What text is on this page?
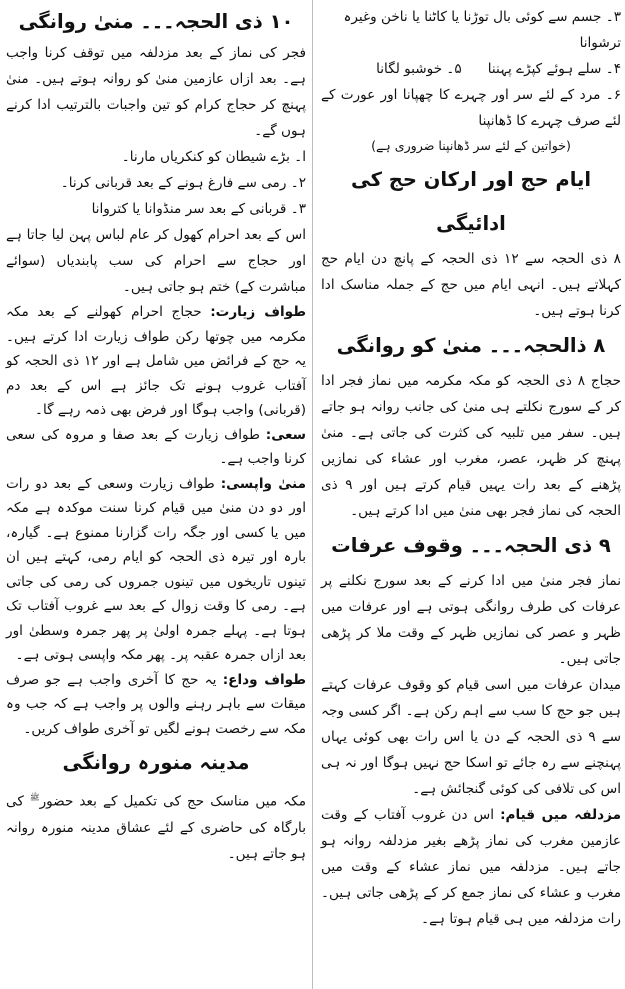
۳۔ جسم سے کوئی بال توڑنا یا کاٹنا یا ناخن وغیرہ ترشوانا

۴۔ سلے ہوئے کپڑے پہننا
۵۔ خوشبو لگانا

۶۔ مرد کے لئے سر اور چہرے کا چھپانا اور عورت کے لئے صرف چہرے کا ڈھانپنا

(خواتین کے لئے سر ڈھانپنا ضروری ہے)

ایام حج اور ارکان حج کی ادائیگی

۸ ذی الحجہ سے ۱۲ ذی الحجہ کے پانچ دن ایام حج کہلاتے ہیں۔ انہی ایام میں حج کے جملہ مناسک ادا کرنا ہوتے ہیں۔

۸ ذالحجہ۔۔۔ منیٰ کو روانگی

حجاج ۸ ذی الحجہ کو مکہ مکرمہ میں نماز فجر ادا کر کے سورج نکلتے ہی منیٰ کی جانب روانہ ہو جاتے ہیں۔ سفر میں تلبیہ کی کثرت کی جاتی ہے۔ منیٰ پہنچ کر ظہر، عصر، مغرب اور عشاء کی نمازیں پڑھنے کے بعد رات یہیں قیام کرتے ہیں اور ۹ ذی الحجہ کی نماز فجر بھی منیٰ میں ادا کرتے ہیں۔

۹ ذی الحجہ۔۔۔ وقوف عرفات

نماز فجر منیٰ میں ادا کرنے کے بعد سورج نکلنے پر عرفات کی طرف روانگی ہوتی ہے اور عرفات میں ظہر و عصر کی نمازیں ظہر کے وقت ملا کر پڑھی جاتی ہیں۔

میدان عرفات میں اسی قیام کو وقوف عرفات کہتے ہیں جو حج کا سب سے اہم رکن ہے۔ اگر کسی وجہ سے ۹ ذی الحجہ کے دن یا اس رات بھی کوئی یہاں پہنچنے سے رہ جائے تو اسکا حج نہیں ہوگا اور نہ ہی اس کی تلافی کی کوئی گنجائش ہے۔

مزدلفہ میں قیام: اس دن غروب آفتاب کے وقت عازمین مغرب کی نماز پڑھے بغیر مزدلفہ روانہ ہو جاتے ہیں۔ مزدلفہ میں نماز عشاء کے وقت میں مغرب و عشاء کی نماز جمع کر کے پڑھی جاتی ہیں۔ رات مزدلفہ میں ہی قیام ہوتا ہے۔

۱۰ ذی الحجہ۔۔۔ منیٰ روانگی

فجر کی نماز کے بعد مزدلفہ میں توقف کرنا واجب ہے۔ بعد ازاں عازمین منیٰ کو روانہ ہوتے ہیں۔ منیٰ پہنچ کر حجاج کرام کو تین واجبات بالترتیب ادا کرنے ہوں گے۔

ا۔ بڑے شیطان کو کنکریاں مارنا۔

۲۔ رمی سے فارغ ہونے کے بعد قربانی کرنا۔

۳۔ قربانی کے بعد سر منڈوانا یا کتروانا

اس کے بعد احرام کھول کر عام لباس پہن لیا جاتا ہے اور حجاج سے احرام کی سب پابندیاں (سوائے مباشرت کے) ختم ہو جاتی ہیں۔

طواف زیارت: حجاج احرام کھولنے کے بعد مکہ مکرمہ میں چوتھا رکن طواف زیارت ادا کرتے ہیں۔ یہ حج کے فرائض میں شامل ہے اور ۱۲ ذی الحجہ کو آفتاب غروب ہونے تک جائز ہے اس کے بعد دم (قربانی) واجب ہوگا اور فرض بھی ذمہ رہے گا۔

سعی: طواف زیارت کے بعد صفا و مروہ کی سعی کرنا واجب ہے۔

منیٰ واپسی: طواف زیارت وسعی کے بعد دو رات اور دو دن منیٰ میں قیام کرنا سنت موکدہ ہے مکہ میں یا کسی اور جگہ رات گزارنا ممنوع ہے۔ گیارہ، بارہ اور تیرہ ذی الحجہ کو ایام رمی، کہتے ہیں ان تینوں تاریخوں میں تینوں جمروں کی رمی کی جاتی ہے۔ رمی کا وقت زوال کے بعد سے غروب آفتاب تک ہوتا ہے۔ پہلے جمرہ اولیٰ پر پھر جمرہ وسطیٰ اور بعد ازاں جمرہ عقبہ پر۔ پھر مکہ واپسی ہوتی ہے۔

طواف وداع: یہ حج کا آخری واجب ہے جو صرف میقات سے باہر رہنے والوں پر واجب ہے کہ جب وہ مکہ سے رخصت ہونے لگیں تو آخری طواف کریں۔

مدینہ منورہ روانگی

مکہ میں مناسک حج کی تکمیل کے بعد حضور$^ﷺ$ کی بارگاہ کی حاضری کے لئے عشاق مدینہ منورہ روانہ ہو جاتے ہیں۔
